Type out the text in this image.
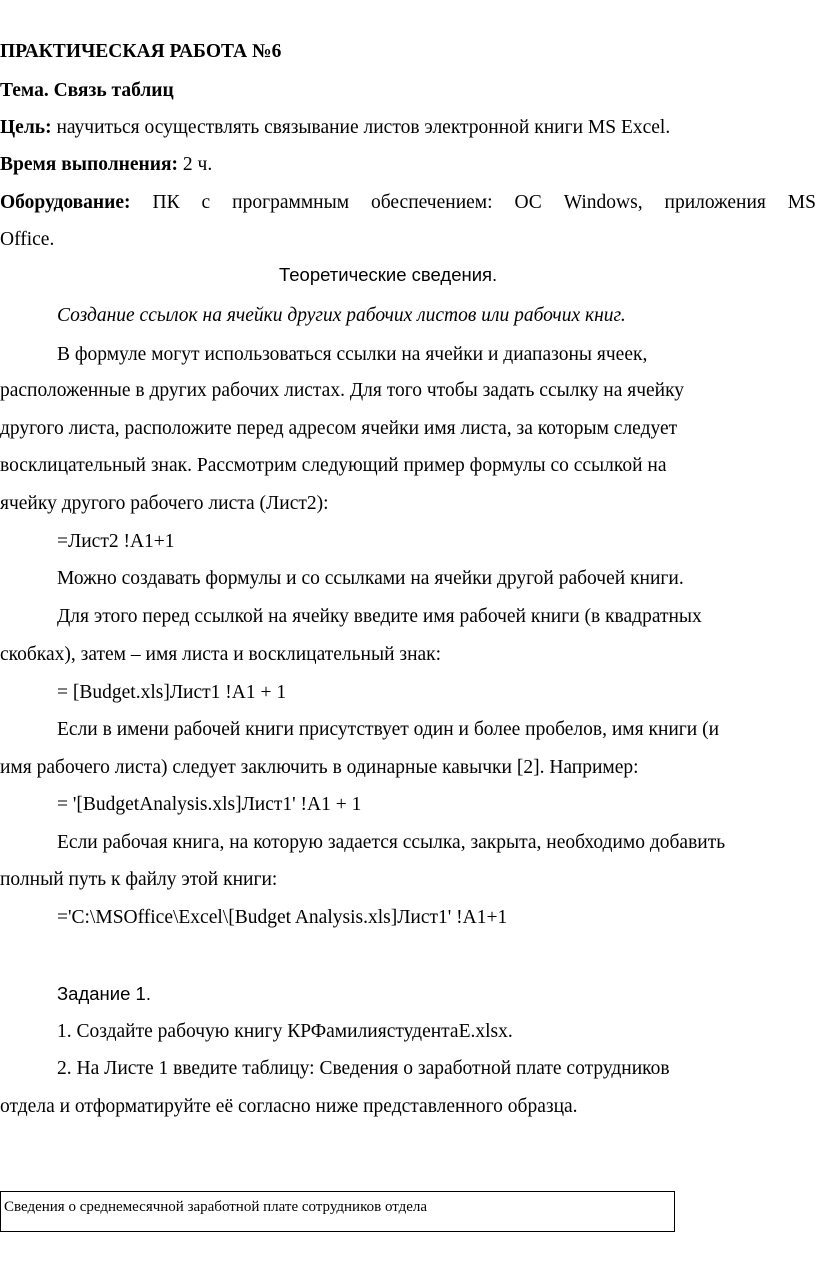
ПРАКТИЧЕСКАЯ РАБОТА №6
Тема. Связь таблиц
Цель: научиться осуществлять связывание листов электронной книги MS Excel.
Время выполнения: 2 ч.
Оборудование: ПК с программным обеспечением: ОС Windows, приложения MS
Office.
Теоретические сведения.
Создание ссылок на ячейки других рабочих листов или рабочих книг.
В формуле могут использоваться ссылки на ячейки и диапазоны ячеек,
расположенные в других рабочих листах. Для того чтобы задать ссылку на ячейку
другого листа, расположите перед адресом ячейки имя листа, за которым следует
восклицательный знак. Рассмотрим следующий пример формулы со ссылкой на
ячейку другого рабочего листа (Лист2):
=Лист2 !A1+1
Можно создавать формулы и со ссылками на ячейки другой рабочей книги.
Для этого перед ссылкой на ячейку введите имя рабочей книги (в квадратных
скобках), затем – имя листа и восклицательный знак:
= [Budget.xls]Лист1 !A1 + 1
Если в имени рабочей книги присутствует один и более пробелов, имя книги (и
имя рабочего листа) следует заключить в одинарные кавычки [2]. Например:
= '[BudgetAnalysis.xls]Лист1' !A1 + 1
Если рабочая книга, на которую задается ссылка, закрыта, необходимо добавить
полный путь к файлу этой книги:
='C:\MSOffice\Excel\[Budget Analysis.xls]Лист1' !A1+1
Задание 1.
1. Создайте рабочую книгу КРФамилиястудентаЕ.xlsx.
2. На Листе 1 введите таблицу: Сведения о заработной плате сотрудников
отдела и отформатируйте её согласно ниже представленного образца.
Сведения о среднемесячной заработной плате сотрудников отдела
